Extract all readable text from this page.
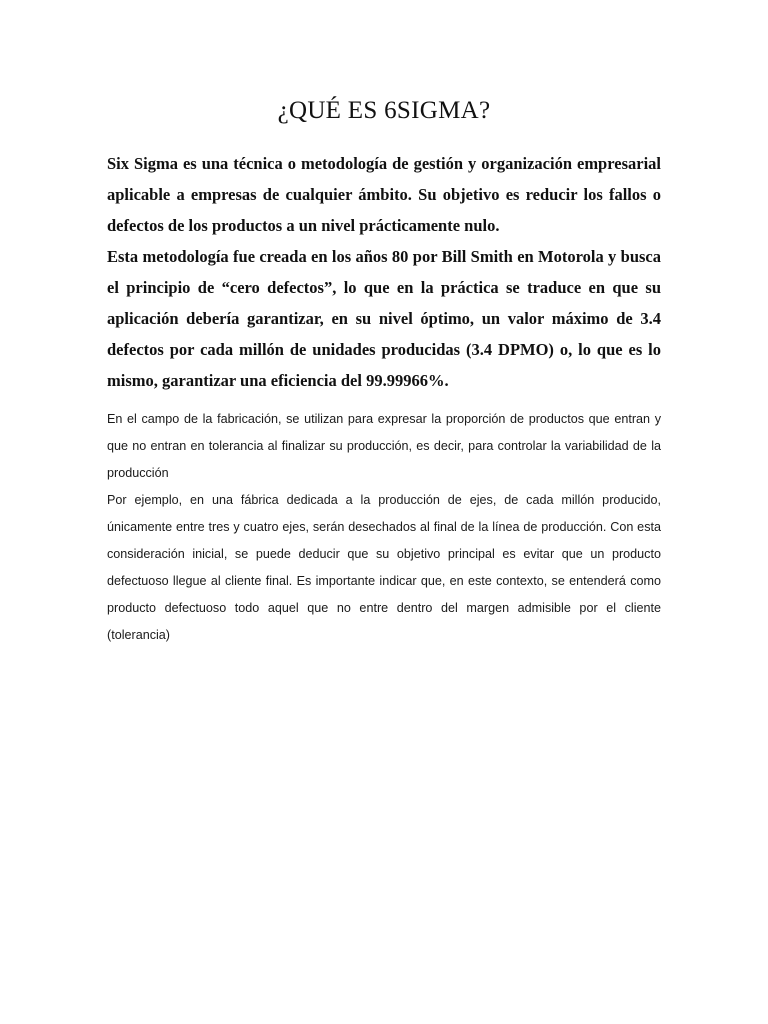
¿QUÉ ES 6SIGMA?

Six Sigma es una técnica o metodología de gestión y organización empresarial aplicable a empresas de cualquier ámbito. Su objetivo es reducir los fallos o defectos de los productos a un nivel prácticamente nulo.

Esta metodología fue creada en los años 80 por Bill Smith en Motorola y busca el principio de “cero defectos”, lo que en la práctica se traduce en que su aplicación debería garantizar, en su nivel óptimo, un valor máximo de 3.4 defectos por cada millón de unidades producidas (3.4 DPMO) o, lo que es lo mismo, garantizar una eficiencia del 99.99966%.

En el campo de la fabricación, se utilizan para expresar la proporción de productos que entran y que no entran en tolerancia al finalizar su producción, es decir, para controlar la variabilidad de la producción

Por ejemplo, en una fábrica dedicada a la producción de ejes, de cada millón producido, únicamente entre tres y cuatro ejes, serán desechados al final de la línea de producción. Con esta consideración inicial, se puede deducir que su objetivo principal es evitar que un producto defectuoso llegue al cliente final. Es importante indicar que, en este contexto, se entenderá como producto defectuoso todo aquel que no entre dentro del margen admisible por el cliente (tolerancia)
